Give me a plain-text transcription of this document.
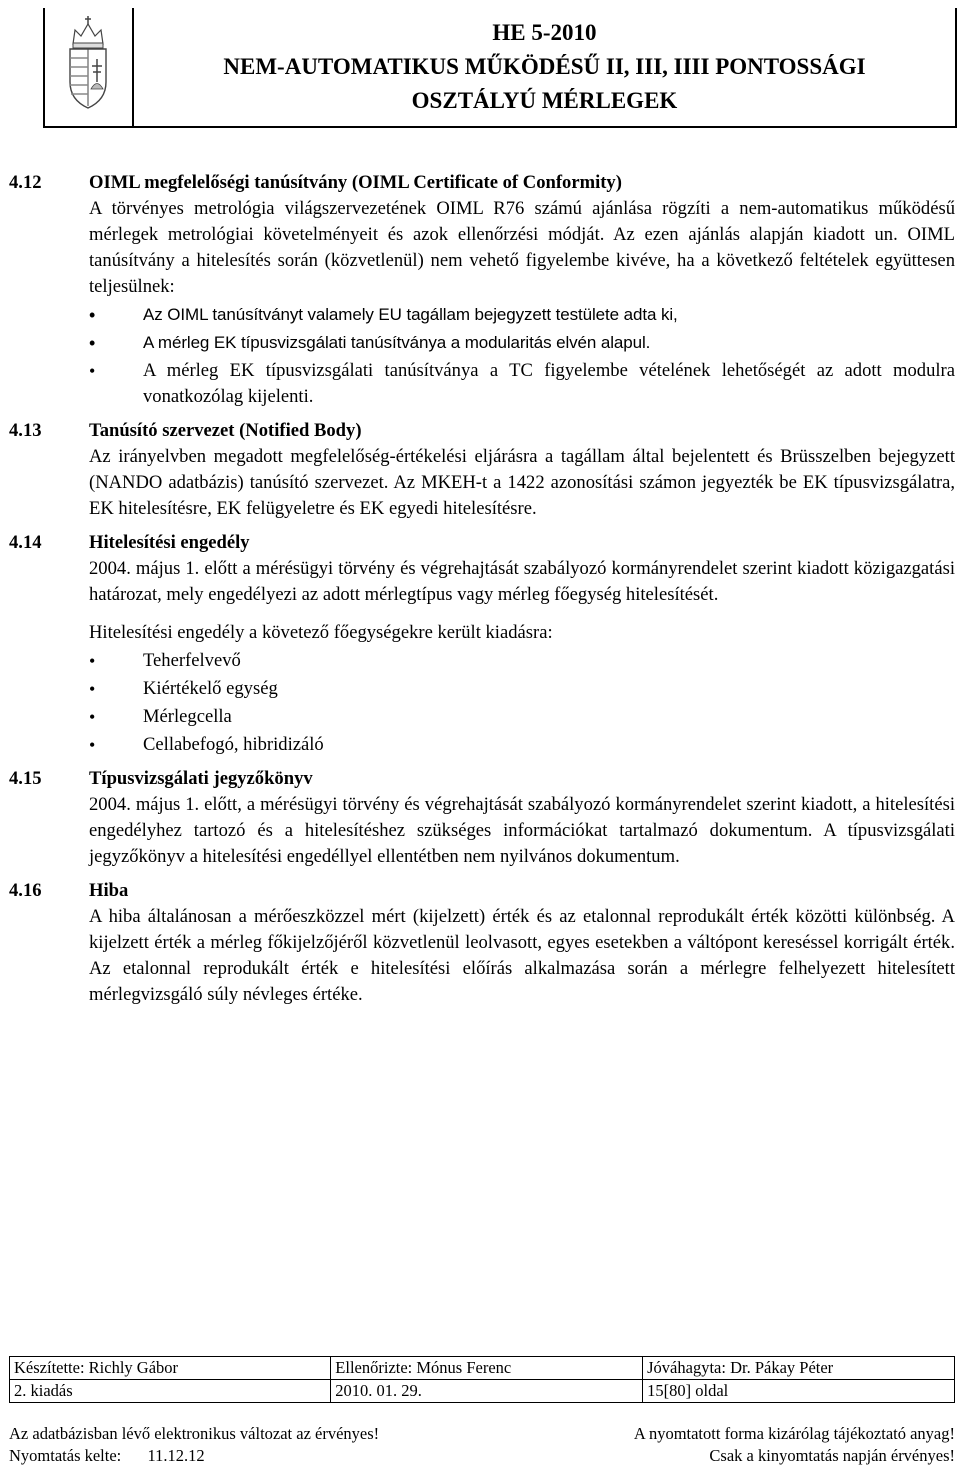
HE 5-2010
NEM-AUTOMATIKUS MŰKÖDÉSŰ II, III, IIII PONTOSSÁGI
OSZTÁLYÚ MÉRLEGEK
4.12	OIML megfelelőségi tanúsítvány (OIML Certificate of Conformity)

A törvényes metrológia világszervezetének OIML R76 számú ajánlása rögzíti a nem-automatikus működésű mérlegek metrológiai követelményeit és azok ellenőrzési módját. Az ezen ajánlás alapján kiadott un. OIML tanúsítvány a hitelesítés során (közvetlenül) nem vehető figyelembe kivéve, ha a következő feltételek együttesen teljesülnek:

• Az OIML tanúsítványt valamely EU tagállam bejegyzett testülete adta ki,
• A mérleg EK típusvizsgálati tanúsítványa a modularitás elvén alapul.
• A mérleg EK típusvizsgálati tanúsítványa a TC figyelembe vételének lehetőségét az adott modulra vonatkozólag kijelenti.
4.13	Tanúsító szervezet (Notified Body)

Az irányelvben megadott megfelelőség-értékelési eljárásra a tagállam által bejelentett és Brüsszelben bejegyzett (NANDO adatbázis) tanúsító szervezet. Az MKEH-t a 1422 azonosítási számon jegyezték be EK típusvizsgálatra, EK hitelesítésre, EK felügyeletre és EK egyedi hitelesítésre.

4.14	Hitelesítési engedély

2004. május 1. előtt a mérésügyi törvény és végrehajtását szabályozó kormányrendelet szerint kiadott közigazgatási határozat, mely engedélyezi az adott mérlegtípus vagy mérleg főegység hitelesítését.

Hitelesítési engedély a követező főegységekre került kiadásra:

• Teherfelvevő
• Kiértékelő egység
• Mérlegcella
• Cellabefogó, hibridizáló
4.15	Típusvizsgálati jegyzőkönyv

2004. május 1. előtt, a mérésügyi törvény és végrehajtását szabályozó kormányrendelet szerint kiadott, a hitelesítési engedélyhez tartozó és a hitelesítéshez szükséges információkat tartalmazó dokumentum. A típusvizsgálati jegyzőkönyv a hitelesítési engedéllyel ellentétben nem nyilvános dokumentum.

4.16	Hiba

A hiba általánosan a mérőeszközzel mért (kijelzett) érték és az etalonnal reprodukált érték közötti különbség. A kijelzett érték a mérleg főkijelzőjéről közvetlenül leolvasott, egyes esetekben a váltópont kereséssel korrigált érték. Az etalonnal reprodukált érték e hitelesítési előírás alkalmazása során a mérlegre felhelyezett hitelesített mérlegvizsgáló súly névleges értéke.

Készítette: Richly Gábor	Ellenőrizte: Mónus Ferenc	Jóváhagyta: Dr. Pákay Péter
2. kiadás	2010. 01. 29.	15[80] oldal
Az adatbázisban lévő elektronikus változat az érvényes!	A nyomtatott forma kizárólag tájékoztató anyag!
Nyomtatás kelte: 11.12.12	Csak a kinyomtatás napján érvényes!
